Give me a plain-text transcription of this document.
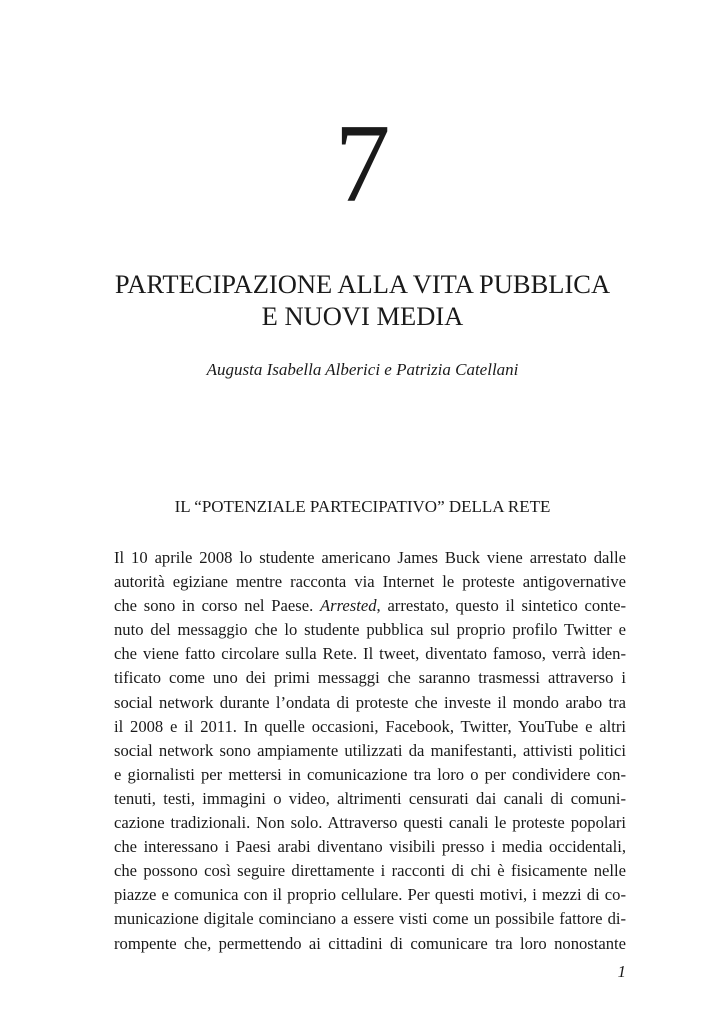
7
PARTECIPAZIONE ALLA VITA PUBBLICA
E NUOVI MEDIA
Augusta Isabella Alberici e Patrizia Catellani
IL “POTENZIALE PARTECIPATIVO” DELLA RETE
Il 10 aprile 2008 lo studente americano James Buck viene arrestato dalle
autorità egiziane mentre racconta via Internet le proteste antigovernative
che sono in corso nel Paese. Arrested, arrestato, questo il sintetico conte-
nuto del messaggio che lo studente pubblica sul proprio profilo Twitter e
che viene fatto circolare sulla Rete. Il tweet, diventato famoso, verrà iden-
tificato come uno dei primi messaggi che saranno trasmessi attraverso i
social network durante l’ondata di proteste che investe il mondo arabo tra
il 2008 e il 2011. In quelle occasioni, Facebook, Twitter, YouTube e altri
social network sono ampiamente utilizzati da manifestanti, attivisti politici
e giornalisti per mettersi in comunicazione tra loro o per condividere con-
tenuti, testi, immagini o video, altrimenti censurati dai canali di comuni-
cazione tradizionali. Non solo. Attraverso questi canali le proteste popolari
che interessano i Paesi arabi diventano visibili presso i media occidentali,
che possono così seguire direttamente i racconti di chi è fisicamente nelle
piazze e comunica con il proprio cellulare. Per questi motivi, i mezzi di co-
municazione digitale cominciano a essere visti come un possibile fattore di-
rompente che, permettendo ai cittadini di comunicare tra loro nonostante
1
